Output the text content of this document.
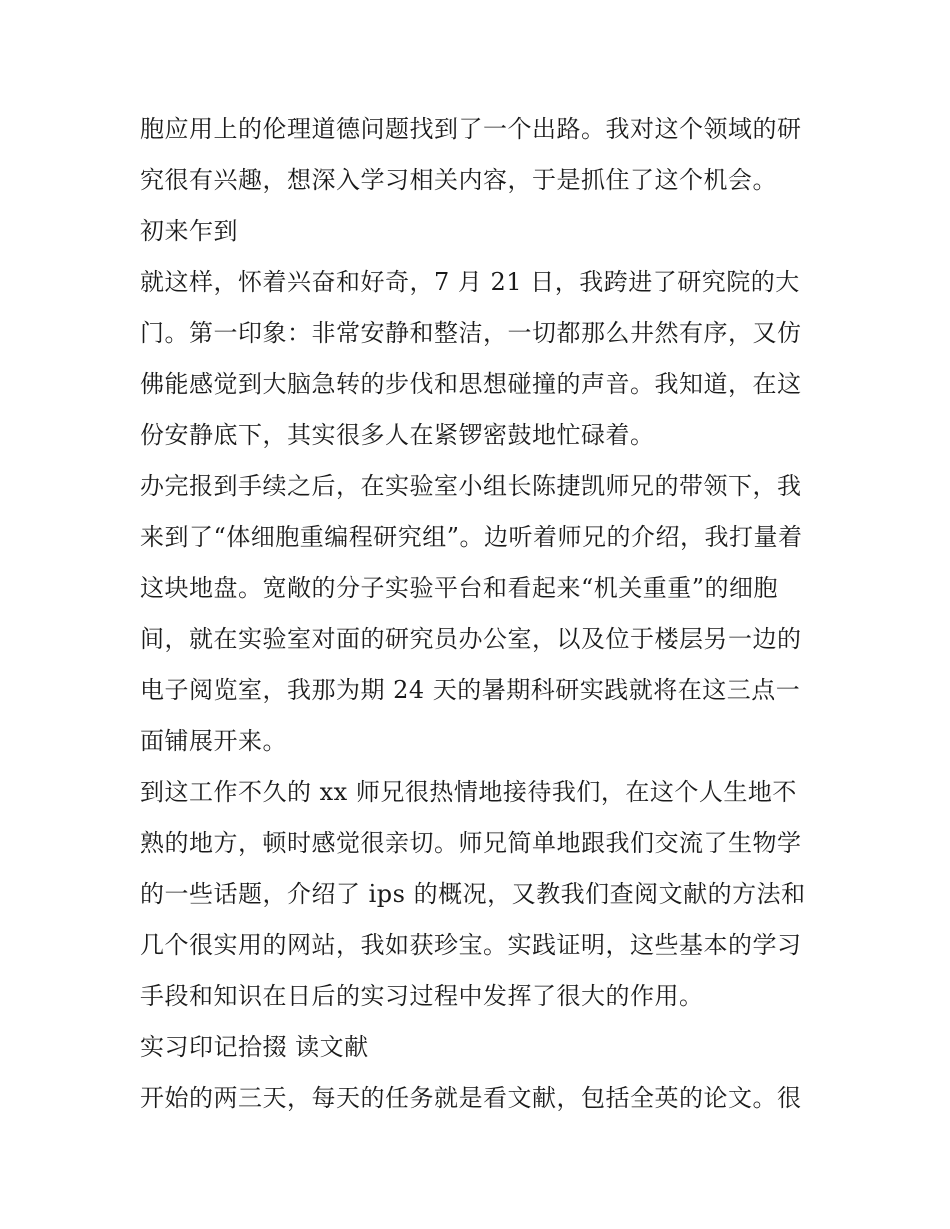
胞应用上的伦理道德问题找到了一个出路。我对这个领域的研
究很有兴趣，想深入学习相关内容，于是抓住了这个机会。
初来乍到
就这样，怀着兴奋和好奇，7 月 21 日，我跨进了研究院的大
门。第一印象：非常安静和整洁，一切都那么井然有序，又仿
佛能感觉到大脑急转的步伐和思想碰撞的声音。我知道，在这
份安静底下，其实很多人在紧锣密鼓地忙碌着。
办完报到手续之后，在实验室小组长陈捷凯师兄的带领下，我
来到了“体细胞重编程研究组”。边听着师兄的介绍，我打量着
这块地盘。宽敞的分子实验平台和看起来“机关重重”的细胞
间，就在实验室对面的研究员办公室，以及位于楼层另一边的
电子阅览室，我那为期 24 天的暑期科研实践就将在这三点一
面铺展开来。
到这工作不久的 xx 师兄很热情地接待我们，在这个人生地不
熟的地方，顿时感觉很亲切。师兄简单地跟我们交流了生物学
的一些话题，介绍了 ips 的概况，又教我们查阅文献的方法和
几个很实用的网站，我如获珍宝。实践证明，这些基本的学习
手段和知识在日后的实习过程中发挥了很大的作用。
实习印记拾掇 读文献
开始的两三天，每天的任务就是看文献，包括全英的论文。很
